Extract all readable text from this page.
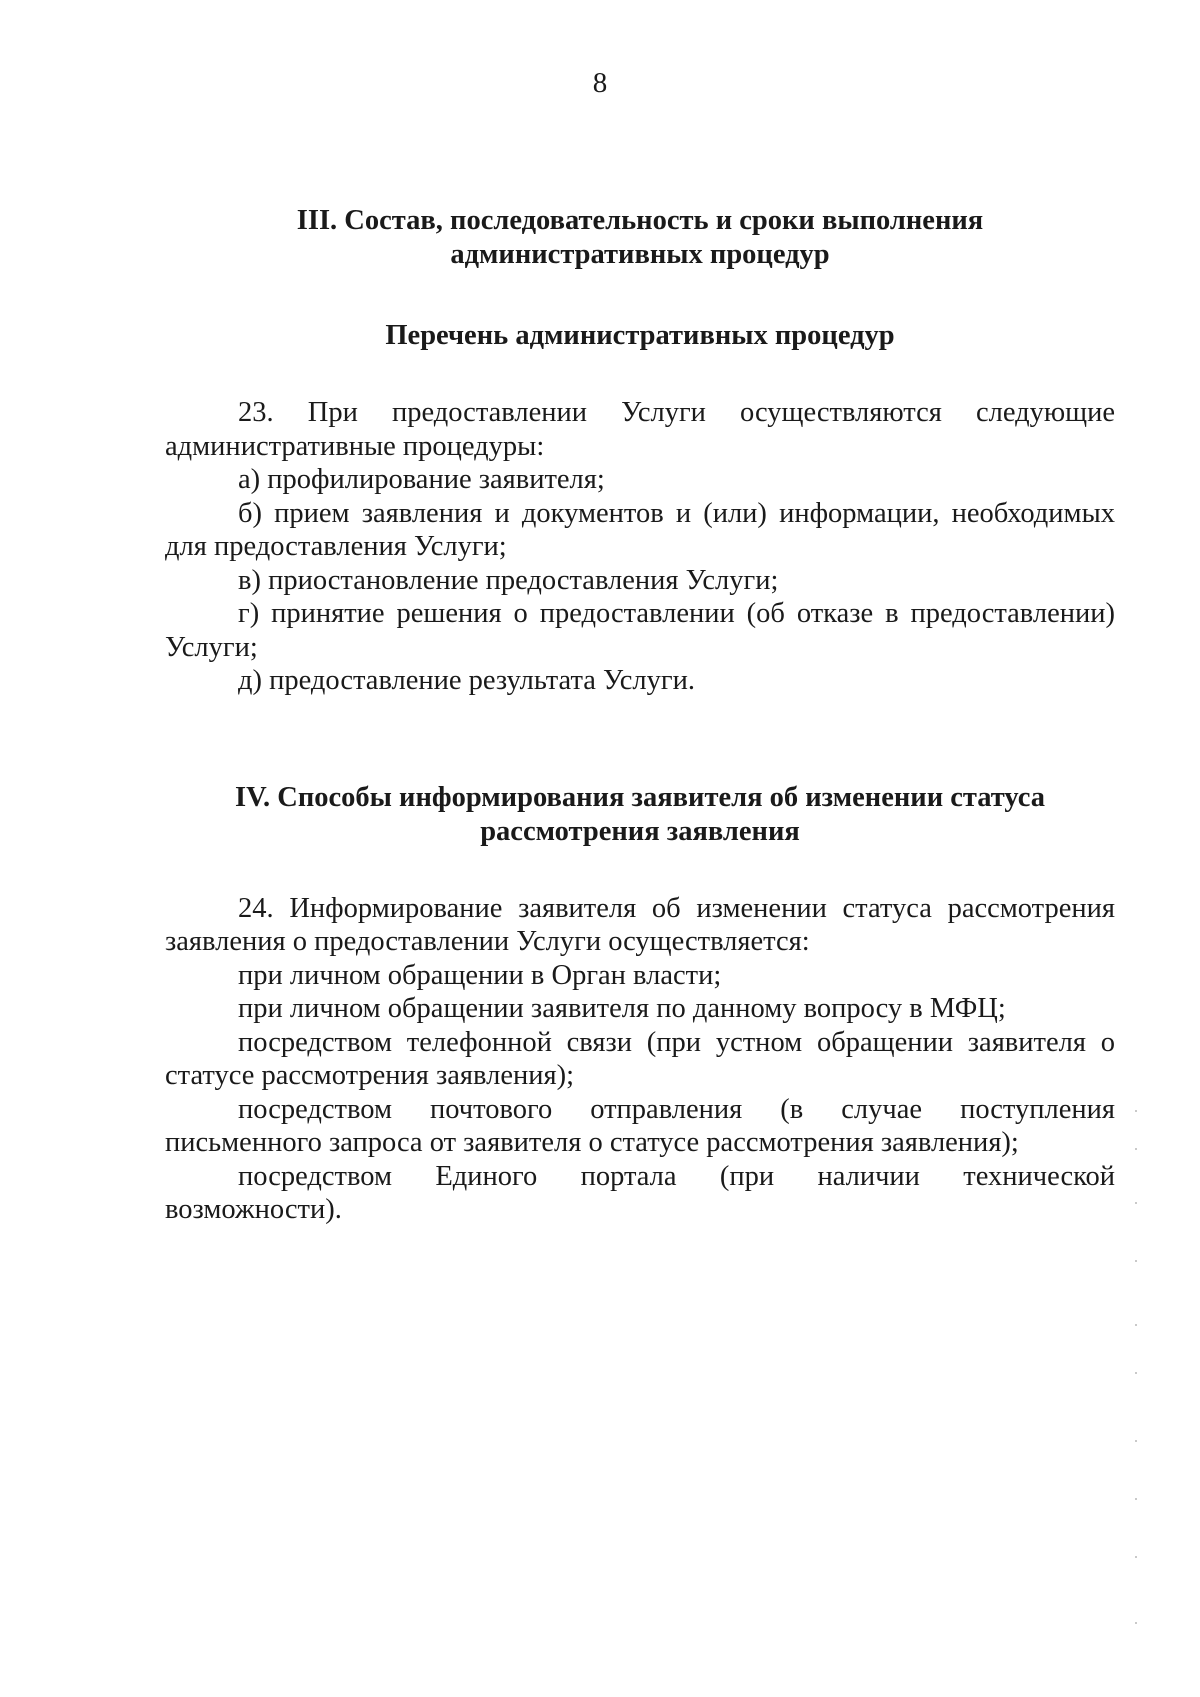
8
III. Состав, последовательность и сроки выполнения
административных процедур
Перечень административных процедур

23. При предоставлении Услуги осуществляются следующие административные процедуры:

а) профилирование заявителя;

б) прием заявления и документов и (или) информации, необходимых для предоставления Услуги;

в) приостановление предоставления Услуги;

г) принятие решения о предоставлении (об отказе в предоставлении) Услуги;

д) предоставление результата Услуги.

IV. Способы информирования заявителя об изменении статуса
рассмотрения заявления

24. Информирование заявителя об изменении статуса рассмотрения заявления о предоставлении Услуги осуществляется:

при личном обращении в Орган власти;

при личном обращении заявителя по данному вопросу в МФЦ;

посредством телефонной связи (при устном обращении заявителя о статусе рассмотрения заявления);

посредством почтового отправления (в случае поступления письменного запроса от заявителя о статусе рассмотрения заявления);

посредством Единого портала (при наличии технической возможности).
